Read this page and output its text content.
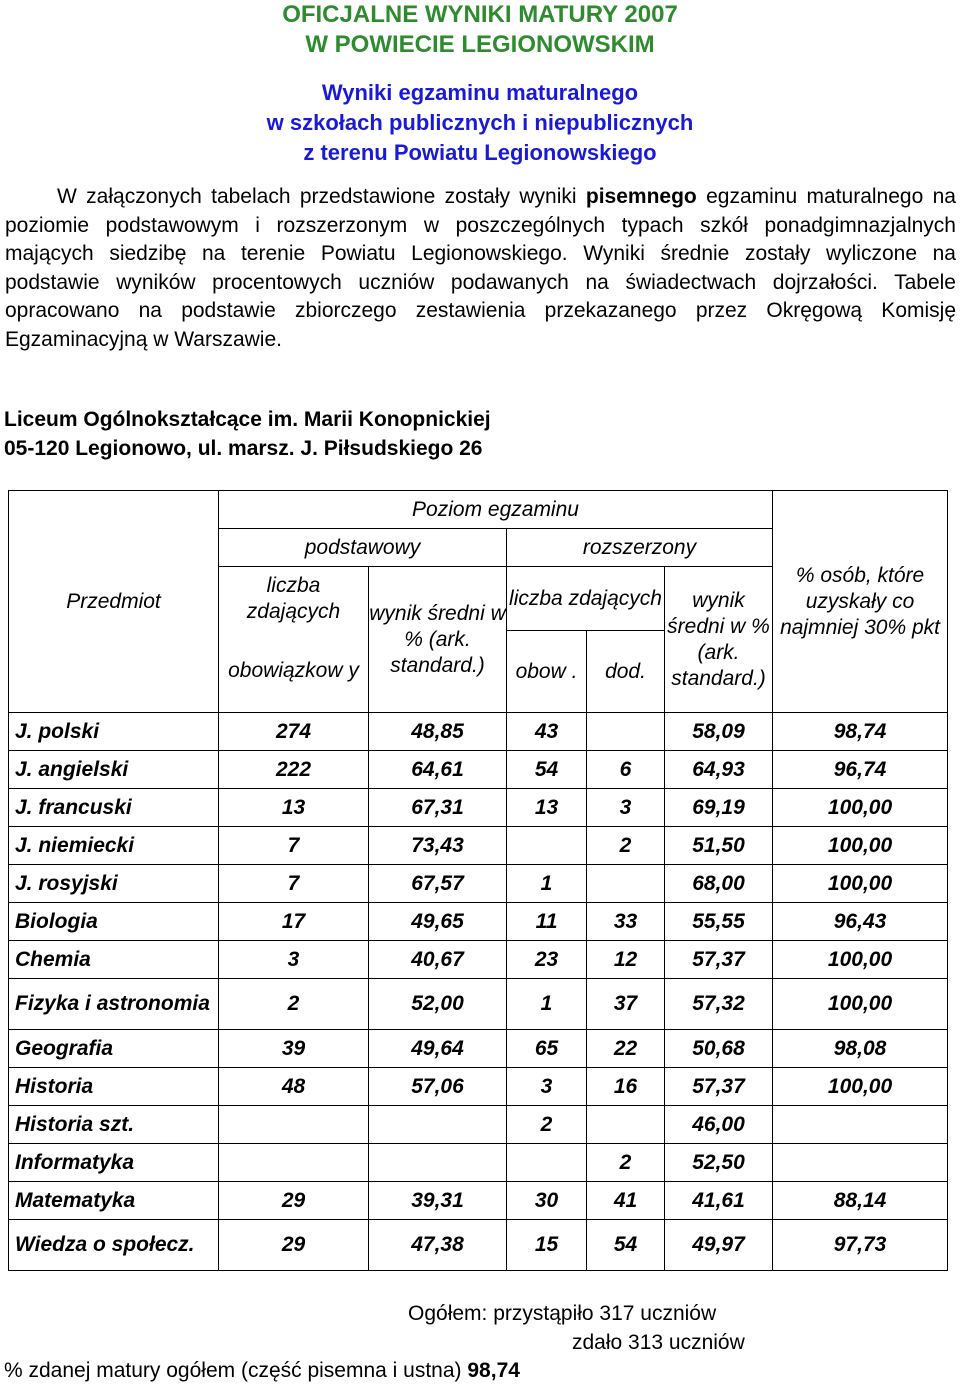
OFICJALNE WYNIKI MATURY 2007
W POWIECIE LEGIONOWSKIM
Wyniki egzaminu maturalnego
w szkołach publicznych i niepublicznych
z terenu Powiatu Legionowskiego

W załączonych tabelach przedstawione zostały wyniki pisemnego egzaminu maturalnego na poziomie podstawowym i rozszerzonym w poszczególnych typach szkół ponadgimnazjalnych mających siedzibę na terenie Powiatu Legionowskiego. Wyniki średnie zostały wyliczone na podstawie wyników procentowych uczniów podawanych na świadectwach dojrzałości. Tabele opracowano na podstawie zbiorczego zestawienia przekazanego przez Okręgową Komisję Egzaminacyjną w Warszawie.

Liceum Ogólnokształcące im. Marii Konopnickiej
05-120 Legionowo, ul. marsz. J. Piłsudskiego 26
Przedmiot	Poziom egzaminu					% osób, które uzyskały co najmniej 30% pkt
	podstawowy		rozszerzony			
	liczba zdających	wynik średni w % (ark. standard.)	liczba zdających		wynik średni w % (ark. standard.)	
	obowiązkow y		obow .	dod.		
J. polski	274	48,85	43		58,09	98,74
J. angielski	222	64,61	54	6	64,93	96,74
J. francuski	13	67,31	13	3	69,19	100,00
J. niemiecki	7	73,43		2	51,50	100,00
J. rosyjski	7	67,57	1		68,00	100,00
Biologia	17	49,65	11	33	55,55	96,43
Chemia	3	40,67	23	12	57,37	100,00
Fizyka i astronomia	2	52,00	1	37	57,32	100,00
Geografia	39	49,64	65	22	50,68	98,08
Historia	48	57,06	3	16	57,37	100,00
Historia szt.			2		46,00	
Informatyka				2	52,50	
Matematyka	29	39,31	30	41	41,61	88,14
Wiedza o społecz.	29	47,38	15	54	49,97	97,73
Ogółem: przystąpiło 317 uczniów
zdało 313 uczniów
% zdanej matury ogółem (część pisemna i ustna) 98,74
